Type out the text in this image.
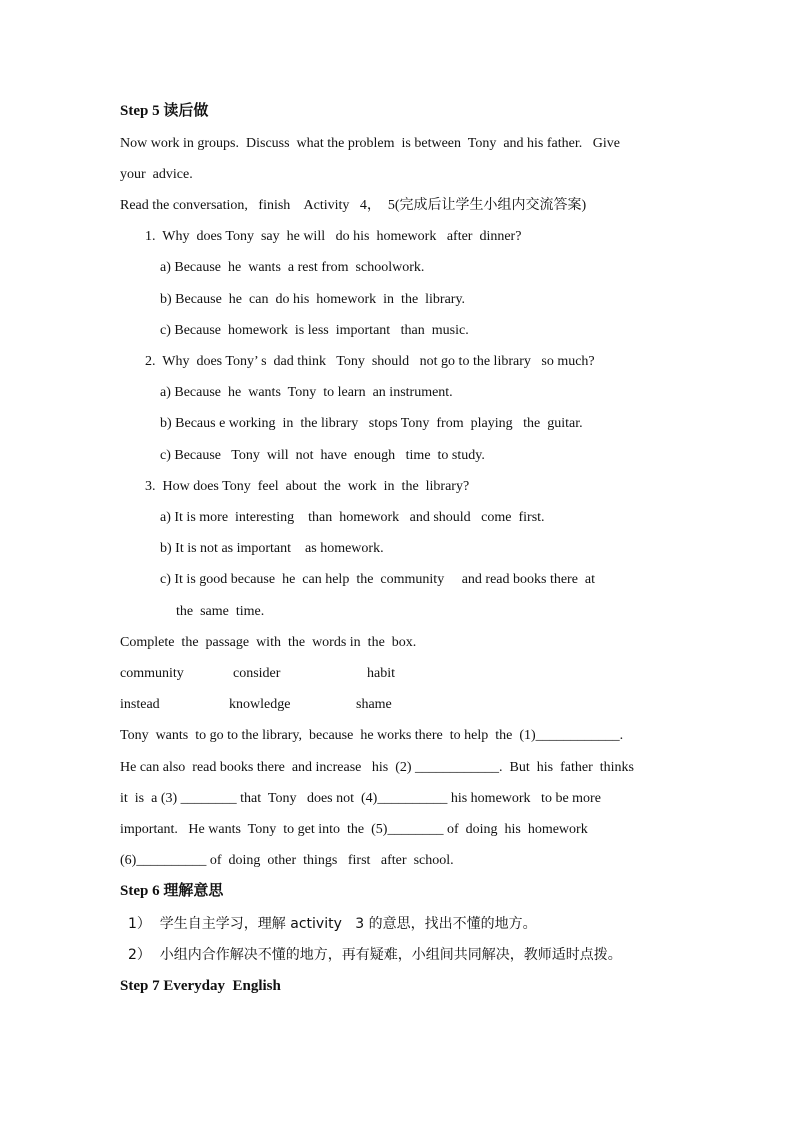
Step 5 读后做
Now work in groups.  Discuss  what the problem  is between  Tony  and his father.   Give
your  advice.
Read the conversation,   finish    Activity   4，  5(完成后让学生小组内交流答案)
1.  Why  does Tony  say  he will   do his  homework   after  dinner?
a) Because  he  wants  a rest from  schoolwork.
b) Because  he  can  do his  homework  in  the  library.
c) Because  homework  is less  important   than  music.
2.  Why  does Tony’ s  dad think   Tony  should   not go to the library   so much?
a) Because  he  wants  Tony  to learn  an instrument.
b) Becaus e working  in  the library   stops Tony  from  playing   the  guitar.
c) Because   Tony  will  not  have  enough   time  to study.
3.  How does Tony  feel  about  the  work  in  the  library?
a) It is more  interesting    than  homework   and should   come  first.
b) It is not as important    as homework.
c) It is good because  he  can help  the  community     and read books there  at
the  same  time.
Complete  the  passage  with  the  words in  the  box.
community	consider	habit
instead	knowledge	shame
Tony  wants  to go to the library,  because  he works there  to help  the  (1)____________.
He can also  read books there  and increase   his  (2) ____________.  But  his  father  thinks
it  is  a (3) ________ that  Tony   does not  (4)__________ his homework   to be more
important.   He wants  Tony  to get into  the  (5)________ of  doing  his  homework
(6)__________ of  doing  other  things   first   after  school.
Step 6 理解意思
1）  学生自主学习，理解 activity   3 的意思，找出不懂的地方。
2）  小组内合作解决不懂的地方，再有疑难，小组间共同解决，教师适时点拨。
Step 7 Everyday  English
